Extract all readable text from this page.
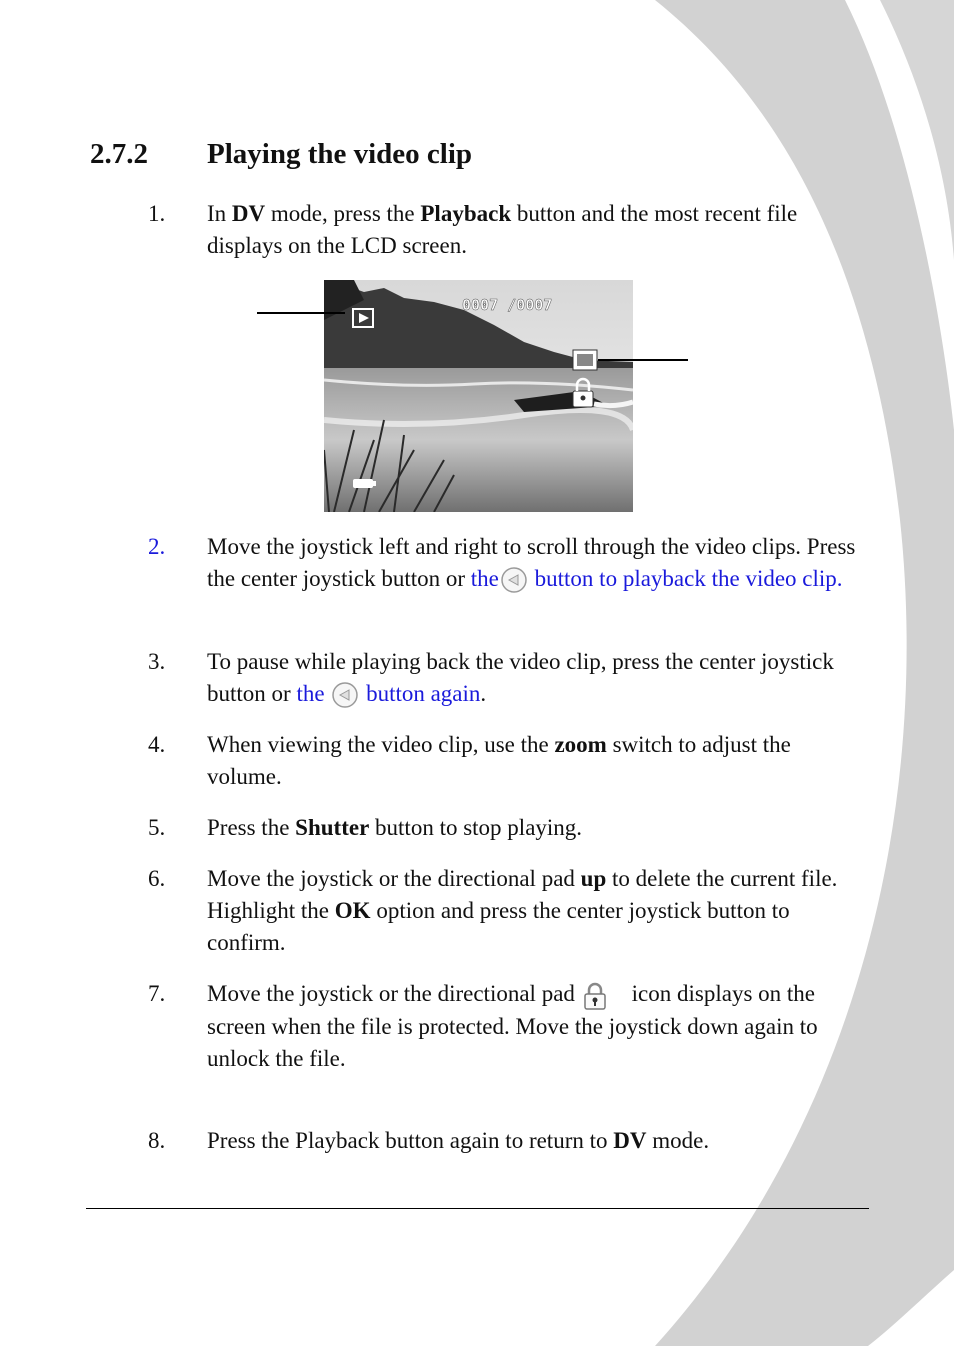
2.7.2 Playing the video clip
1. In DV mode, press the Playback button and the most recent file displays on the LCD screen.
0007 /0007
2. Move the joystick left and right to scroll through the video clips. Press the center joystick button or the button to playback the video clip.
3. To pause while playing back the video clip, press the center joystick button or the  button again.
4. When viewing the video clip, use the zoom switch to adjust the volume.
5. Press the Shutter button to stop playing.
6. Move the joystick or the directional pad up to delete the current file. Highlight the OK option and press the center joystick button to confirm.
7. Move the joystick or the directional pad     icon displays on the screen when the file is protected. Move the joystick down again to unlock the file.
8. Press the Playback button again to return to DV mode.
